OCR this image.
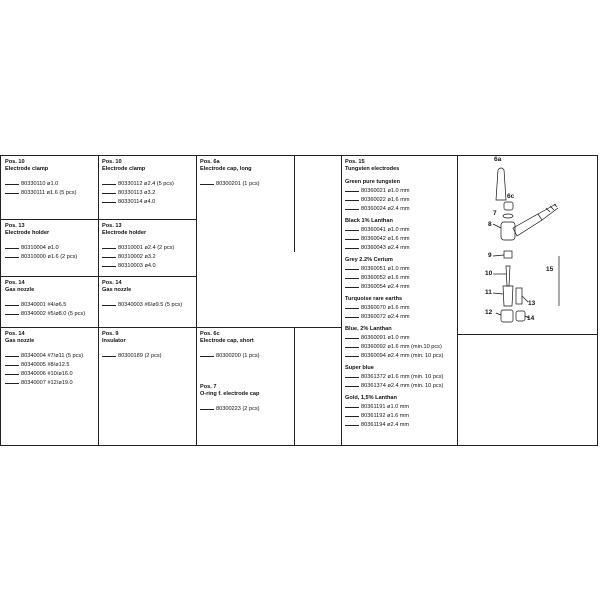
Pos. 10
Electrode clamp
80330110 ø1.0
80330111 ø1.6 (5 pcs)
Pos. 10
Electrode clamp
80330112 ø2.4 (5 pcs)
80330113 ø3.2
80330114 ø4.0
Pos. 6a
Electrode cap, long
80300201 (1 pcs)
Pos. 13
Electrode holder
80310004 ø1.0
80310000 ø1.6 (2 pcs)
Pos. 13
Electrode holder
80310001 ø2.4 (2 pcs)
80310002 ø3.2
80310003 ø4.0
Pos. 14
Gas nozzle
80340001 #4/ø6.5
80340002 #5/ø8.0 (5 pcs)
Pos. 14
Gas nozzle
80340003 #6/ø9.5 (5 pcs)
Pos. 14
Gas nozzle
80340004 #7/ø11 (5 pcs)
80340005 #8/ø12.5
80340006 #10/ø16.0
80340007 #12/ø19.0
Pos. 9
Insulator
80300189 (2 pcs)
Pos. 6c
Electrode cap, short
80300200 (1 pcs)
Pos. 7
O-ring f. electrode cap
80300223 (2 pcs)
Pos. 15
Tungsten electrodes
Green pure tungsten
80360021 ø1.0 mm
80360022 ø1.6 mm
80360024 ø2.4 mm
Black 1% Lanthan
80360041 ø1.0 mm
80360042 ø1.6 mm
80360043 ø2.4 mm
Grey 2.2% Cerium
80360051 ø1.0 mm
80360052 ø1.6 mm
80360054 ø2.4 mm
Turquoise rare earths
80360070 ø1.6 mm
80360072 ø2.4 mm
Blue, 2% Lanthan
80360091 ø1.0 mm
80360092 ø1.6 mm (min.10 pcs)
80360094 ø2.4 mm (min. 10 pcs)
Super blue
80361372 ø1.6 mm (min. 10 pcs)
80361374 ø2.4 mm (min. 10 pcs)
Gold, 1,5% Lanthan
80361191 ø1.0 mm
80361192 ø1.6 mm
80361194 ø2.4 mm
6a
6c
7
8
9
10
11
12
13
14
15
